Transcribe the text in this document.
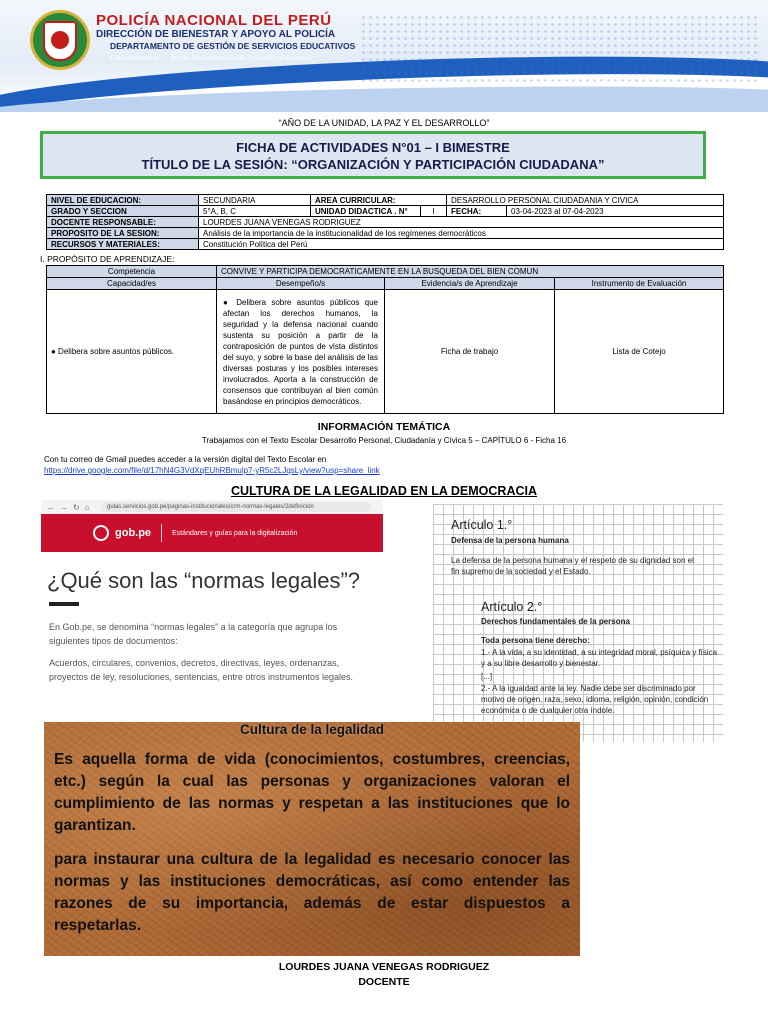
POLICÍA NACIONAL DEL PERÚ
DIRECCIÓN DE BIENESTAR Y APOYO AL POLICÍA
DEPARTAMENTO DE GESTIÓN DE SERVICIOS EDUCATIVOS
Comprometidos . . . por la Modernización de la Gestión Educativa
“AÑO DE LA UNIDAD, LA PAZ Y EL DESARROLLO”
FICHA DE ACTIVIDADES N°01 – I BIMESTRE
TÍTULO DE LA SESIÓN: “ORGANIZACIÓN Y PARTICIPACIÓN CIUDADANA”
NIVEL DE EDUCACION:	SECUNDARIA	AREA CURRICULAR:		DESARROLLO PERSONAL CIUDADANIA Y CIVICA	
GRADO Y SECCION	5°A, B, C	UNIDAD DIDACTICA . N°	I	FECHA:	03-04-2023 al 07-04-2023
DOCENTE RESPONSABLE:	LOURDES JUANA VENEGAS RODRIGUEZ				
PROPOSITO DE LA SESION:	Análisis de la importancia de la institucionalidad de los regímenes democráticos				
RECURSOS Y MATERIALES:	Constitución Política del Perú				
I. PROPÓSITO DE APRENDIZAJE:
Competencia	CONVIVE Y PARTICIPA DEMOCRATICAMENTE EN LA BUSQUEDA DEL BIEN COMUN		
Capacidad/es	Desempeño/s	Evidencia/s de Aprendizaje	Instrumento de Evaluación
● Delibera sobre asuntos públicos.	● Delibera sobre asuntos públicos que afectan los derechos humanos, la seguridad y la defensa nacional cuando sustenta su posición a partir de la contraposición de puntos de vista distintos del suyo, y sobre la base del análisis de las diversas posturas y los posibles intereses involucrados. Aporta a la construcción de consensos que contribuyan al bien común basándose en principios democráticos.	Ficha de trabajo	Lista de Cotejo
INFORMACIÓN TEMÁTICA
Trabajamos con el Texto Escolar Desarrollo Personal, Ciudadanía y Cívica 5 – CAPÍTULO 6 - Ficha 16
Con tu correo de Gmail puedes acceder a la versión digital del Texto Escolar en
https://drive.google.com/file/d/17hN4G3VdXqEUhRBmulp7-yR5c2LJqsLy/view?usp=share_link
CULTURA DE LA LEGALIDAD EN LA DEMOCRACIA
←→↻⌂	gulas.servicios.gob.pe/paginas-institucionales/crm-normas-legales/2definicion
gob.pe	Estándares y guías para la digitalización
¿Qué son las “normas legales”?

En Gob.pe, se denomina “normas legales” a la categoría que agrupa los siguientes tipos de documentos:

Acuerdos, circulares, convenios, decretos, directivas, leyes, ordenanzas, proyectos de ley, resoluciones, sentencias, entre otros instrumentos legales.

Artículo 1.°
Defensa de la persona humana
La defensa de la persona humana y el respeto de su dignidad son el fin supremo de la sociedad y el Estado.
Artículo 2.°
Derechos fundamentales de la persona
Toda persona tiene derecho:
1.- A la vida, a su identidad, a su integridad moral, psíquica y física y a su libre desarrollo y bienestar.
[...]
2.- A la igualdad ante la ley. Nadie debe ser discriminado por motivo de origen, raza, sexo, idioma, religión, opinión, condición económica o de cualquier otra índole.
Cultura de la legalidad
Es aquella forma de vida (conocimientos, costumbres, creencias, etc.) según la cual las personas y organizaciones valoran el cumplimiento de las normas y respetan a las instituciones que lo garantizan.
para instaurar una cultura de la legalidad es necesario conocer las normas y las instituciones democráticas, así como entender las razones de su importancia, además de estar dispuestos a respetarlas.
LOURDES JUANA VENEGAS RODRIGUEZ
DOCENTE
